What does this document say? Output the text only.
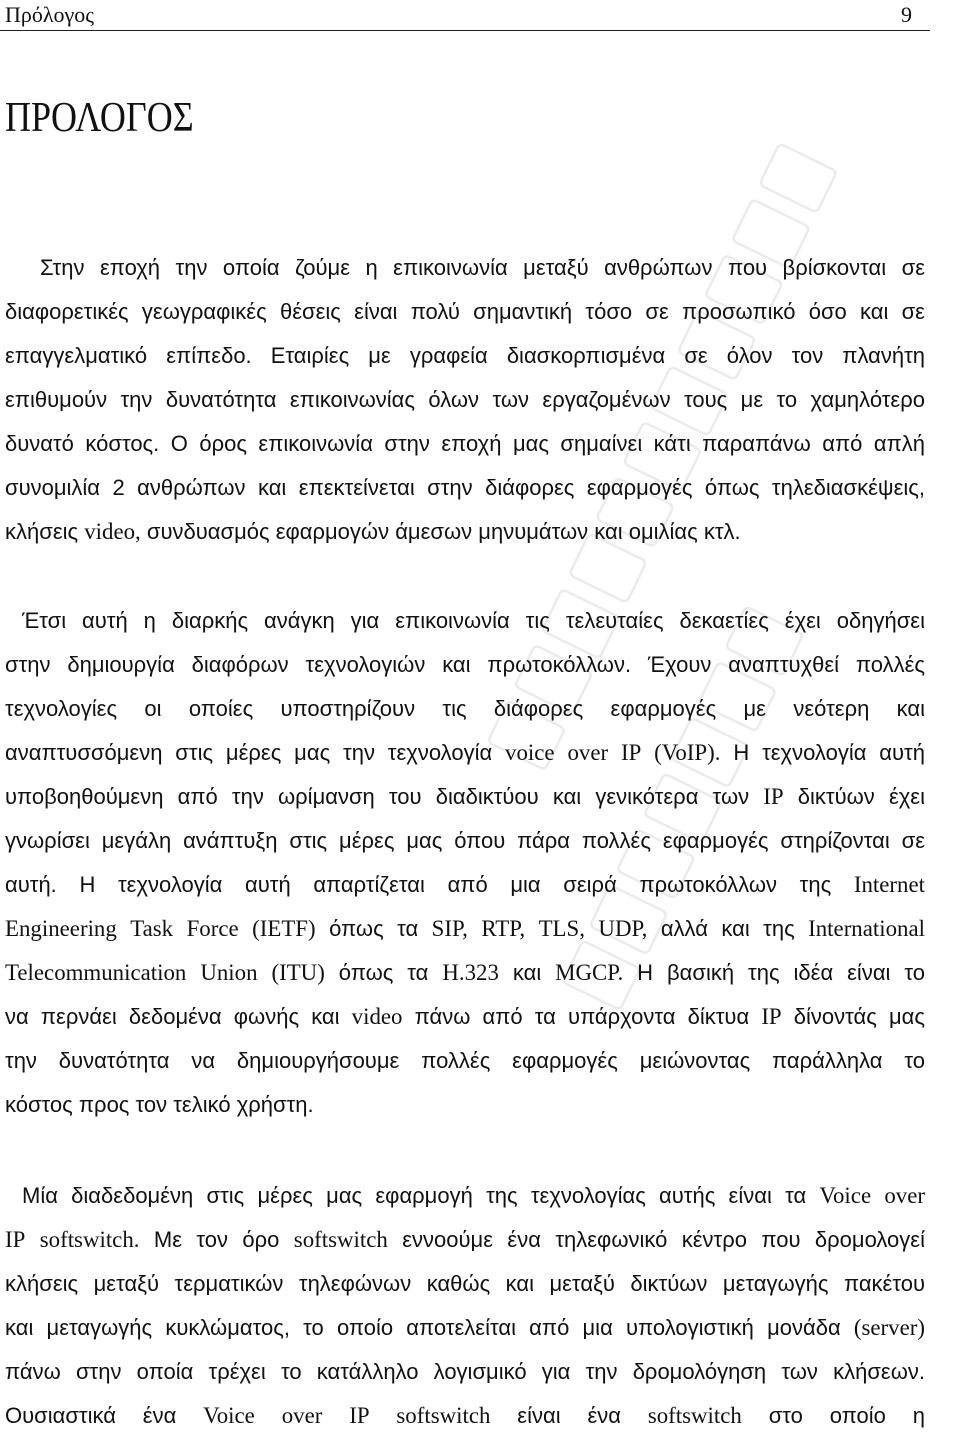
Πρόλογος	9
ΠΡΟΛΟΓΟΣ
Στην εποχή την οποία ζούμε η επικοινωνία μεταξύ ανθρώπων που βρίσκονται σε
διαφορετικές γεωγραφικές θέσεις είναι πολύ σημαντική τόσο σε προσωπικό όσο και σε
επαγγελματικό επίπεδο. Εταιρίες με γραφεία διασκορπισμένα σε όλον τον πλανήτη
επιθυμούν την δυνατότητα επικοινωνίας όλων των εργαζομένων τους με το χαμηλότερο
δυνατό κόστος. Ο όρος επικοινωνία στην εποχή μας σημαίνει κάτι παραπάνω από απλή
συνομιλία 2 ανθρώπων και επεκτείνεται στην διάφορες εφαρμογές όπως τηλεδιασκέψεις,
κλήσεις video, συνδυασμός εφαρμογών άμεσων μηνυμάτων και ομιλίας κτλ.
Έτσι αυτή η διαρκής ανάγκη για επικοινωνία τις τελευταίες δεκαετίες έχει οδηγήσει
στην δημιουργία διαφόρων τεχνολογιών και πρωτοκόλλων. Έχουν αναπτυχθεί πολλές
τεχνολογίες οι οποίες υποστηρίζουν τις διάφορες εφαρμογές με νεότερη και
αναπτυσσόμενη στις μέρες μας την τεχνολογία voice over IP (VoIP). Η τεχνολογία αυτή
υποβοηθούμενη από την ωρίμανση του διαδικτύου και γενικότερα των IP δικτύων έχει
γνωρίσει μεγάλη ανάπτυξη στις μέρες μας όπου πάρα πολλές εφαρμογές στηρίζονται σε
αυτή. Η τεχνολογία αυτή απαρτίζεται από μια σειρά πρωτοκόλλων της Internet
Engineering Task Force (IETF) όπως τα SIP, RTP, TLS, UDP, αλλά και της International
Telecommunication Union (ITU) όπως τα H.323 και MGCP. Η βασική της ιδέα είναι το
να περνάει δεδομένα φωνής και video πάνω από τα υπάρχοντα δίκτυα IP δίνοντάς μας
την δυνατότητα να δημιουργήσουμε πολλές εφαρμογές μειώνοντας παράλληλα το
κόστος προς τον τελικό χρήστη.
Μία διαδεδομένη στις μέρες μας εφαρμογή της τεχνολογίας αυτής είναι τα Voice over
IP softswitch. Με τον όρο softswitch εννοούμε ένα τηλεφωνικό κέντρο που δρομολογεί
κλήσεις μεταξύ τερματικών τηλεφώνων καθώς και μεταξύ δικτύων μεταγωγής πακέτου
και μεταγωγής κυκλώματος, το οποίο αποτελείται από μια υπολογιστική μονάδα (server)
πάνω στην οποία τρέχει το κατάλληλο λογισμικό για την δρομολόγηση των κλήσεων.
Ουσιαστικά ένα Voice over IP softswitch είναι ένα softswitch στο οποίο η
